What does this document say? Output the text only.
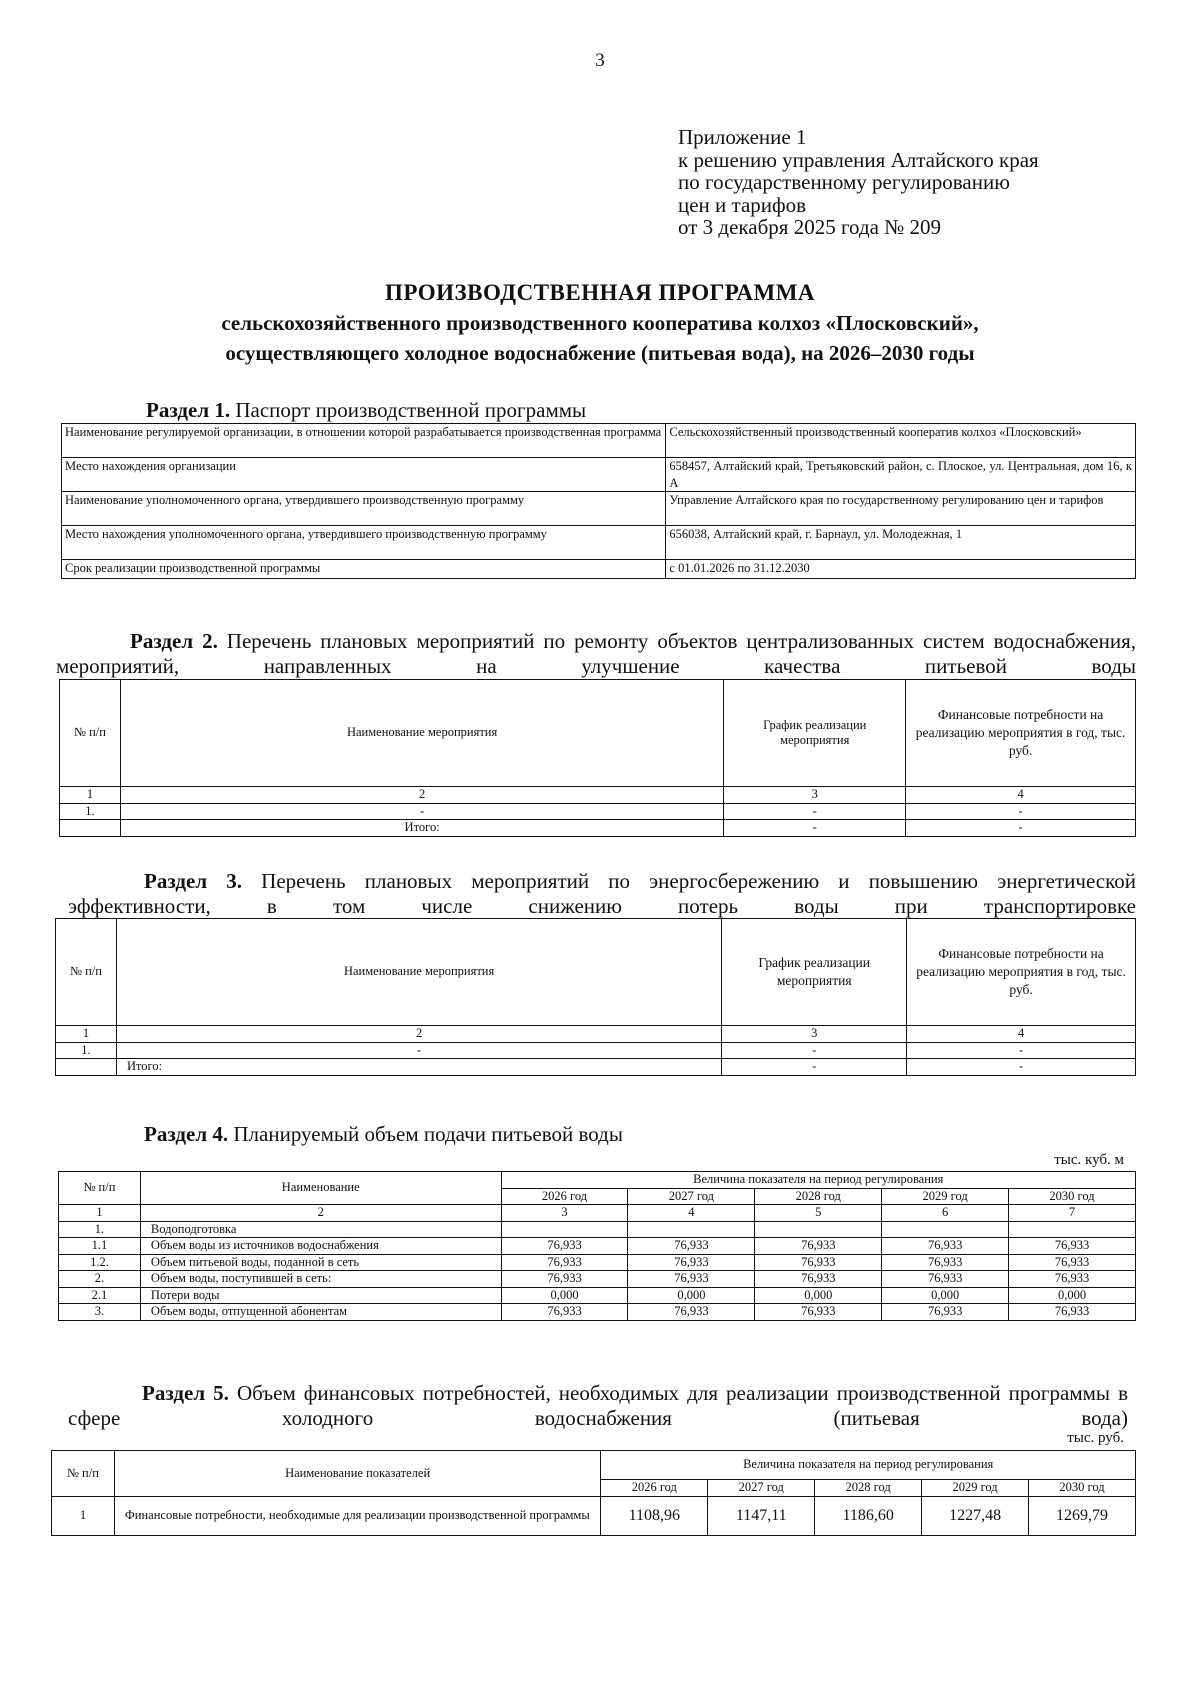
3
Приложение 1
к решению управления Алтайского края
по государственному регулированию
цен и тарифов
от 3 декабря 2025 года № 209
ПРОИЗВОДСТВЕННАЯ ПРОГРАММА
сельскохозяйственного производственного кооператива колхоз «Плосковский»,
осуществляющего холодное водоснабжение (питьевая вода), на 2026–2030 годы
Раздел 1. Паспорт производственной программы
Наименование регулируемой организации, в отношении которой разрабатывается производственная программа	Сельскохозяйственный производственный кооператив колхоз «Плосковский»
Место нахождения организации	658457, Алтайский край, Третьяковский район, с. Плоское, ул. Центральная, дом 16, к А
Наименование уполномоченного органа, утвердившего производственную программу	Управление Алтайского края по государственному регулированию цен и тарифов
Место нахождения уполномоченного органа, утвердившего производственную программу	656038, Алтайский край, г. Барнаул, ул. Молодежная, 1
Срок реализации производственной программы	с 01.01.2026 по 31.12.2030
Раздел 2. Перечень плановых мероприятий по ремонту объектов централизованных систем водоснабжения, мероприятий, направленных на улучшение качества питьевой воды
№ п/п	Наименование мероприятия	График реализации мероприятия	Финансовые потребности на реализацию мероприятия в год, тыс. руб.
1	2	3	4
1.	-	-	-
	Итого:	-	-
Раздел 3. Перечень плановых мероприятий по энергосбережению и повышению энергетической эффективности, в том числе снижению потерь воды при транспортировке
№ п/п	Наименование мероприятия	График реализации мероприятия	Финансовые потребности на реализацию мероприятия в год, тыс. руб.
1	2	3	4
1.	-	-	-
	Итого:	-	-
Раздел 4. Планируемый объем подачи питьевой воды
тыс. куб. м
№ п/п	Наименование	Величина показателя на период регулирования				
		2026 год	2027 год	2028 год	2029 год	2030 год
1	2	3	4	5	6	7
1.	Водоподготовка					
1.1	Объем воды из источников водоснабжения	76,933	76,933	76,933	76,933	76,933
1.2.	Объем питьевой воды, поданной в сеть	76,933	76,933	76,933	76,933	76,933
2.	Объем воды, поступившей в сеть:	76,933	76,933	76,933	76,933	76,933
2.1	Потери воды	0,000	0,000	0,000	0,000	0,000
3.	Объем воды, отпущенной абонентам	76,933	76,933	76,933	76,933	76,933
Раздел 5. Объем финансовых потребностей, необходимых для реализации производственной программы в сфере холодного водоснабжения (питьевая вода)
тыс. руб.
№ п/п	Наименование показателей	Величина показателя на период регулирования				
		2026 год	2027 год	2028 год	2029 год	2030 год
1	Финансовые потребности, необходимые для реализации производственной программы	1108,96	1147,11	1186,60	1227,48	1269,79
